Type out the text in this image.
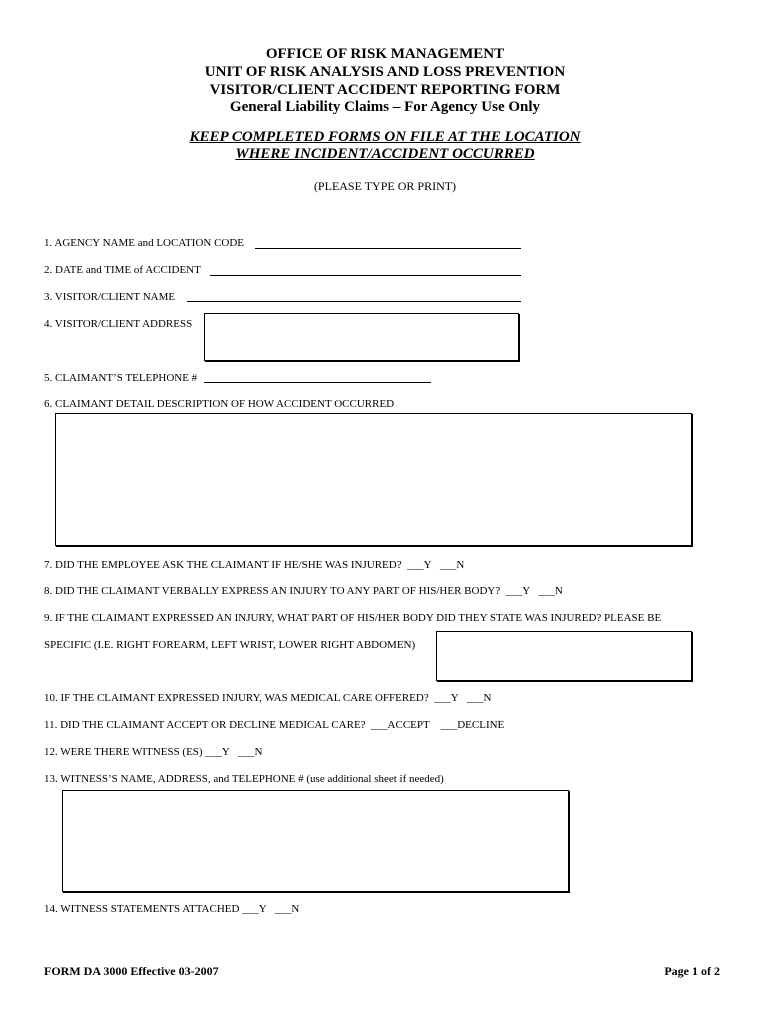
OFFICE OF RISK MANAGEMENT
UNIT OF RISK ANALYSIS AND LOSS PREVENTION
VISITOR/CLIENT ACCIDENT REPORTING FORM
General Liability Claims – For Agency Use Only
KEEP COMPLETED FORMS ON FILE AT THE LOCATION
WHERE INCIDENT/ACCIDENT OCCURRED
(PLEASE TYPE OR PRINT)
1. AGENCY NAME and LOCATION CODE
2. DATE and TIME of ACCIDENT
3. VISITOR/CLIENT NAME
4. VISITOR/CLIENT ADDRESS
5. CLAIMANT’S TELEPHONE #
6. CLAIMANT DETAIL DESCRIPTION OF HOW ACCIDENT OCCURRED
7. DID THE EMPLOYEE ASK THE CLAIMANT IF HE/SHE WAS INJURED? ___Y ___N
8. DID THE CLAIMANT VERBALLY EXPRESS AN INJURY TO ANY PART OF HIS/HER BODY? ___Y ___N
9. IF THE CLAIMANT EXPRESSED AN INJURY, WHAT PART OF HIS/HER BODY DID THEY STATE WAS INJURED? PLEASE BE
SPECIFIC (I.E. RIGHT FOREARM, LEFT WRIST, LOWER RIGHT ABDOMEN)
10. IF THE CLAIMANT EXPRESSED INJURY, WAS MEDICAL CARE OFFERED? ___Y ___N
11. DID THE CLAIMANT ACCEPT OR DECLINE MEDICAL CARE? ___ACCEPT ___DECLINE
12. WERE THERE WITNESS (ES) ___Y ___N
13. WITNESS’S NAME, ADDRESS, and TELEPHONE # (use additional sheet if needed)
14. WITNESS STATEMENTS ATTACHED ___Y ___N
FORM DA 3000 Effective 03-2007	Page 1 of 2
